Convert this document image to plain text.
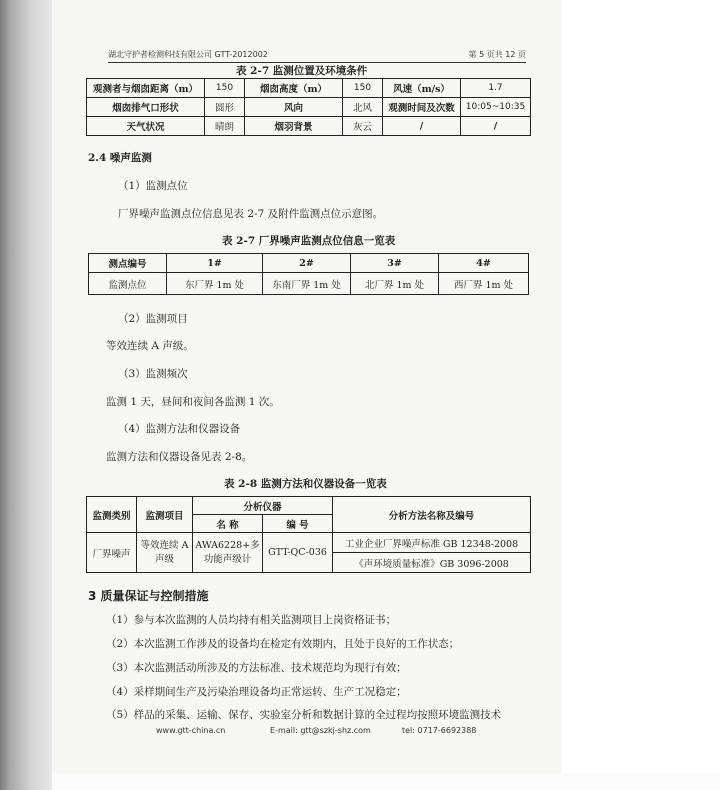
湖北守护者检测科技有限公司 GTT-2012002	第 5 页共 12 页
表 2-7 监测位置及环境条件
观测者与烟囱距离（m）	150	烟囱高度（m）	150	风速（m/s）	1.7
烟囱排气口形状	圆形	风向	北风	观测时间及次数	10:05~10:35
天气状况	晴朗	烟羽背景	灰云	/	/
2.4 噪声监测
（1）监测点位
厂界噪声监测点位信息见表 2-7 及附件监测点位示意图。
表 2-7 厂界噪声监测点位信息一览表
测点编号	1#	2#	3#	4#
监测点位	东厂界 1m 处	东南厂界 1m 处	北厂界 1m 处	西厂界 1m 处
（2）监测项目
等效连续 A 声级。
（3）监测频次
监测 1 天，昼间和夜间各监测 1 次。
（4）监测方法和仪器设备
监测方法和仪器设备见表 2-8。
表 2-8 监测方法和仪器设备一览表
监测类别	监测项目	分析仪器		分析方法名称及编号
		名 称	编 号	
厂界噪声	等效连续 A 声级	AWA6228+多功能声级计	GTT-QC-036	工业企业厂界噪声标准 GB 12348-2008
				《声环境质量标准》GB 3096-2008
3 质量保证与控制措施
（1）参与本次监测的人员均持有相关监测项目上岗资格证书；
（2）本次监测工作涉及的设备均在检定有效期内，且处于良好的工作状态；
（3）本次监测活动所涉及的方法标准、技术规范均为现行有效；
（4）采样期间生产及污染治理设备均正常运转、生产工况稳定；
（5）样品的采集、运输、保存、实验室分析和数据计算的全过程均按照环境监测技术
www.gtt-china.cn	E-mail: gtt@szkj-shz.com	tel: 0717-6692388
